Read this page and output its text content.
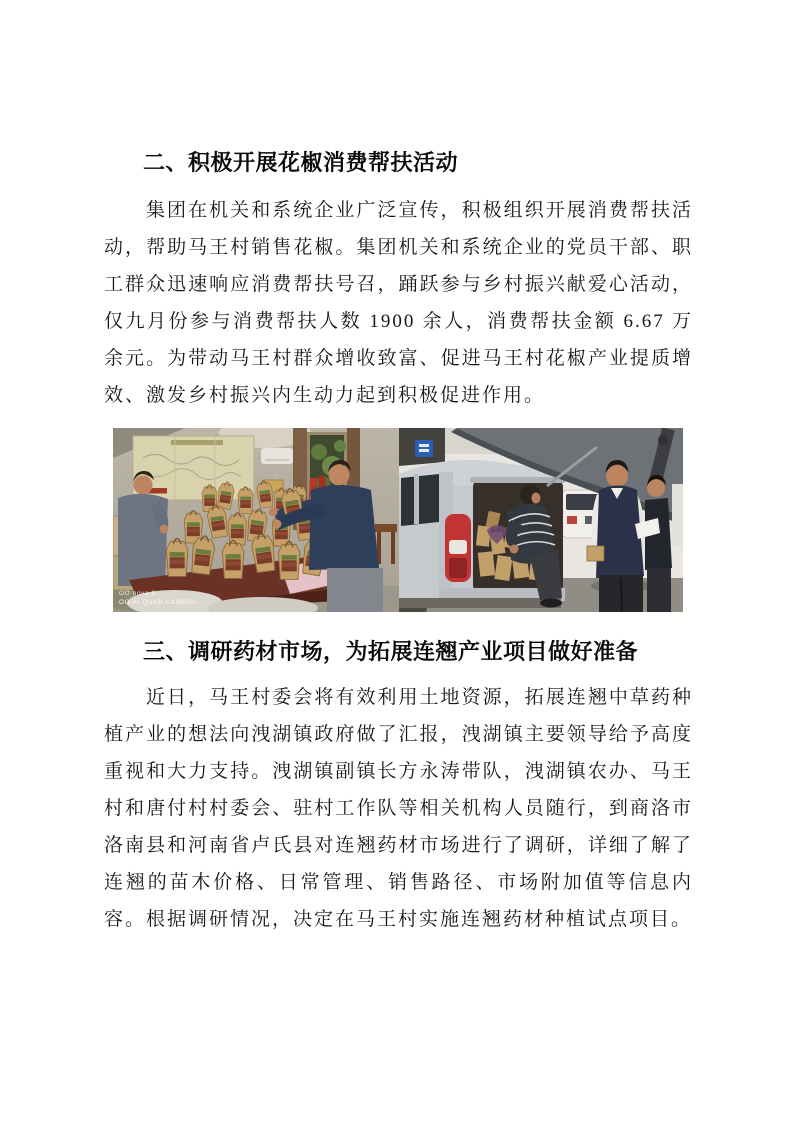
二、积极开展花椒消费帮扶活动

集团在机关和系统企业广泛宣传，积极组织开展消费帮扶活动，帮助马王村销售花椒。集团机关和系统企业的党员干部、职工群众迅速响应消费帮扶号召，踊跃参与乡村振兴献爱心活动，仅九月份参与消费帮扶人数 1900 余人，消费帮扶金额 6.67 万余元。为带动马王村群众增收致富、促进马王村花椒产业提质增效、激发乡村振兴内生动力起到积极促进作用。

OO nova 8
OO AI QUAD CAMERA
三、调研药材市场，为拓展连翘产业项目做好准备

近日，马王村委会将有效利用土地资源，拓展连翘中草药种植产业的想法向洩湖镇政府做了汇报，洩湖镇主要领导给予高度重视和大力支持。洩湖镇副镇长方永涛带队，洩湖镇农办、马王村和唐付村村委会、驻村工作队等相关机构人员随行，到商洛市洛南县和河南省卢氏县对连翘药材市场进行了调研，详细了解了连翘的苗木价格、日常管理、销售路径、市场附加值等信息内容。根据调研情况，决定在马王村实施连翘药材种植试点项目。
